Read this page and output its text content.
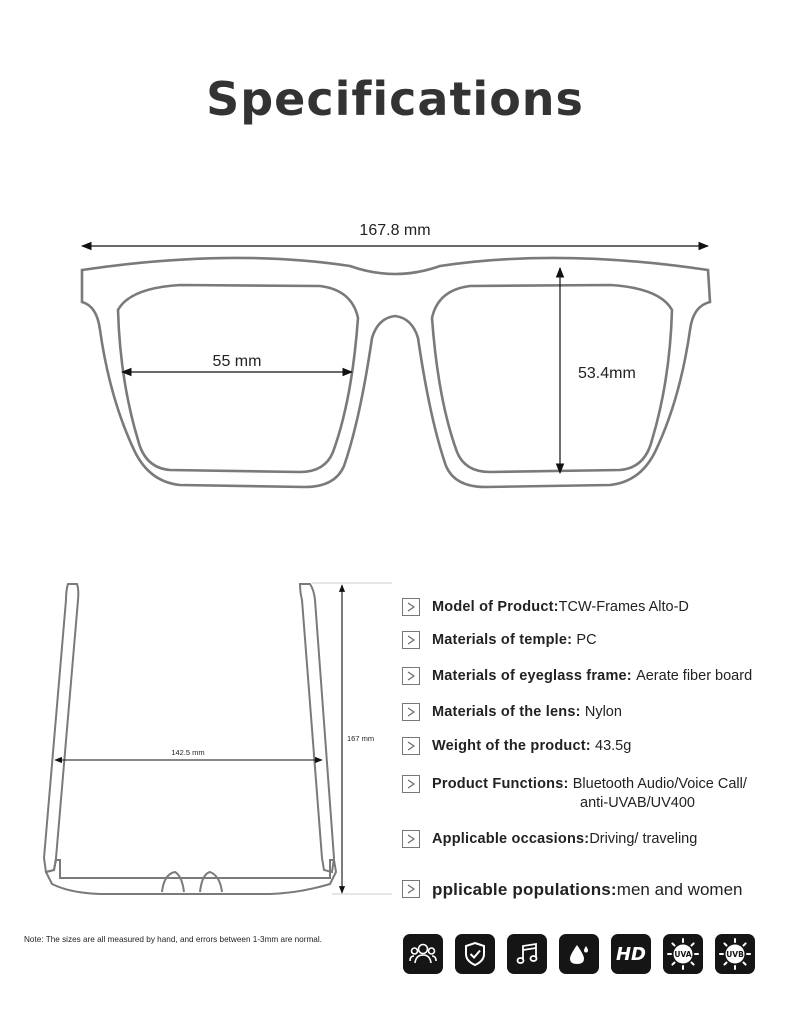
Specifications
167.8 mm
55 mm
53.4mm
142.5 mm
167 mm
Model of Product:TCW-Frames Alto-D
Materials of temple: PC
Materials of eyeglass frame: Aerate fiber board
Materials of the lens: Nylon
Weight of the product: 43.5g
Product Functions: Bluetooth Audio/Voice Call/
anti-UVAB/UV400
Applicable occasions:Driving/ traveling
pplicable populations:men and women
Note: The sizes are all measured by hand, and errors between 1-3mm are normal.
HD	UVA	UVB
